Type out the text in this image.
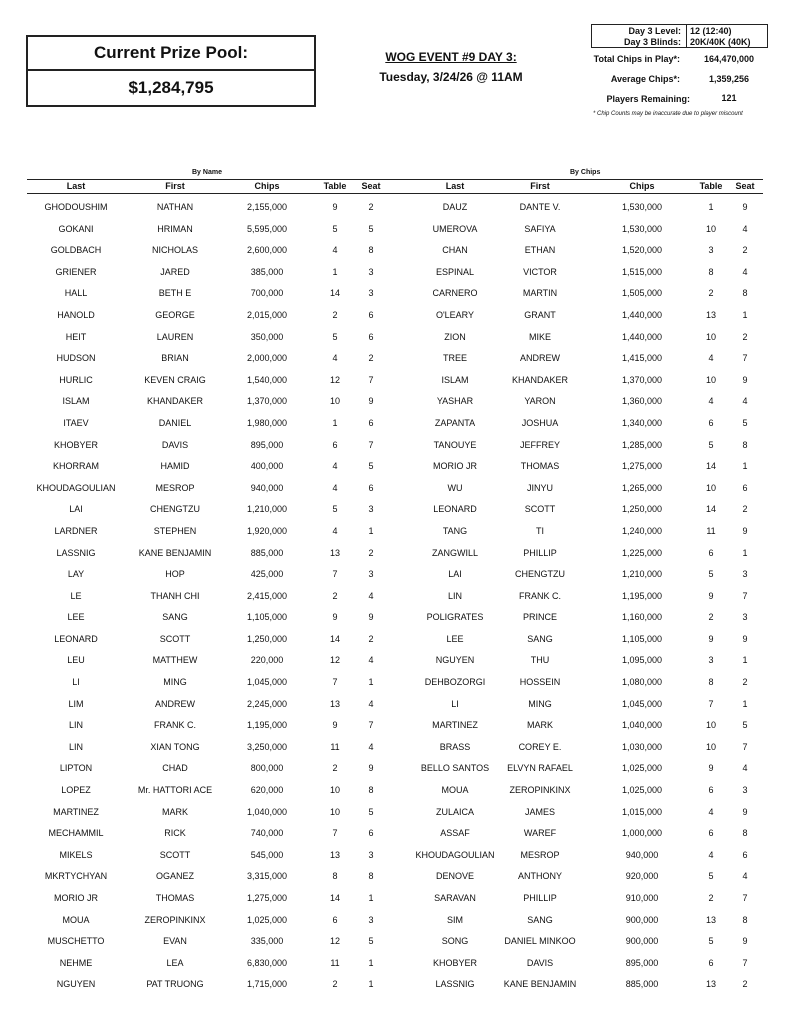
Current Prize Pool:
$1,284,795
WOG EVENT #9 DAY 3:
Tuesday, 3/24/26 @ 11AM
Day 3 Level: 12 (12:40)
Day 3 Blinds: 20K/40K (40K)
Total Chips in Play*:	164,470,000
Average Chips*:	1,359,256
Players Remaining:	121
* Chip Counts may be inaccurate due to player miscount
By Name	By Chips
Last	First	Chips	Table	Seat	Last	First	Chips	Table	Seat
GHODOUSHIM	NATHAN	2,155,000	9	2	DAUZ	DANTE V.	1,530,000	1	9
GOKANI	HRIMAN	5,595,000	5	5	UMEROVA	SAFIYA	1,530,000	10	4
GOLDBACH	NICHOLAS	2,600,000	4	8	CHAN	ETHAN	1,520,000	3	2
GRIENER	JARED	385,000	1	3	ESPINAL	VICTOR	1,515,000	8	4
HALL	BETH E	700,000	14	3	CARNERO	MARTIN	1,505,000	2	8
HANOLD	GEORGE	2,015,000	2	6	O'LEARY	GRANT	1,440,000	13	1
HEIT	LAUREN	350,000	5	6	ZION	MIKE	1,440,000	10	2
HUDSON	BRIAN	2,000,000	4	2	TREE	ANDREW	1,415,000	4	7
HURLIC	KEVEN CRAIG	1,540,000	12	7	ISLAM	KHANDAKER	1,370,000	10	9
ISLAM	KHANDAKER	1,370,000	10	9	YASHAR	YARON	1,360,000	4	4
ITAEV	DANIEL	1,980,000	1	6	ZAPANTA	JOSHUA	1,340,000	6	5
KHOBYER	DAVIS	895,000	6	7	TANOUYE	JEFFREY	1,285,000	5	8
KHORRAM	HAMID	400,000	4	5	MORIO JR	THOMAS	1,275,000	14	1
KHOUDAGOULIAN	MESROP	940,000	4	6	WU	JINYU	1,265,000	10	6
LAI	CHENGTZU	1,210,000	5	3	LEONARD	SCOTT	1,250,000	14	2
LARDNER	STEPHEN	1,920,000	4	1	TANG	TI	1,240,000	11	9
LASSNIG	KANE BENJAMIN	885,000	13	2	ZANGWILL	PHILLIP	1,225,000	6	1
LAY	HOP	425,000	7	3	LAI	CHENGTZU	1,210,000	5	3
LE	THANH CHI	2,415,000	2	4	LIN	FRANK C.	1,195,000	9	7
LEE	SANG	1,105,000	9	9	POLIGRATES	PRINCE	1,160,000	2	3
LEONARD	SCOTT	1,250,000	14	2	LEE	SANG	1,105,000	9	9
LEU	MATTHEW	220,000	12	4	NGUYEN	THU	1,095,000	3	1
LI	MING	1,045,000	7	1	DEHBOZORGI	HOSSEIN	1,080,000	8	2
LIM	ANDREW	2,245,000	13	4	LI	MING	1,045,000	7	1
LIN	FRANK C.	1,195,000	9	7	MARTINEZ	MARK	1,040,000	10	5
LIN	XIAN TONG	3,250,000	11	4	BRASS	COREY E.	1,030,000	10	7
LIPTON	CHAD	800,000	2	9	BELLO SANTOS	ELVYN RAFAEL	1,025,000	9	4
LOPEZ	Mr. HATTORI ACE	620,000	10	8	MOUA	ZEROPINKINX	1,025,000	6	3
MARTINEZ	MARK	1,040,000	10	5	ZULAICA	JAMES	1,015,000	4	9
MECHAMMIL	RICK	740,000	7	6	ASSAF	WAREF	1,000,000	6	8
MIKELS	SCOTT	545,000	13	3	KHOUDAGOULIAN	MESROP	940,000	4	6
MKRTYCHYAN	OGANEZ	3,315,000	8	8	DENOVE	ANTHONY	920,000	5	4
MORIO JR	THOMAS	1,275,000	14	1	SARAVAN	PHILLIP	910,000	2	7
MOUA	ZEROPINKINX	1,025,000	6	3	SIM	SANG	900,000	13	8
MUSCHETTO	EVAN	335,000	12	5	SONG	DANIEL MINKOO	900,000	5	9
NEHME	LEA	6,830,000	11	1	KHOBYER	DAVIS	895,000	6	7
NGUYEN	PAT TRUONG	1,715,000	2	1	LASSNIG	KANE BENJAMIN	885,000	13	2
